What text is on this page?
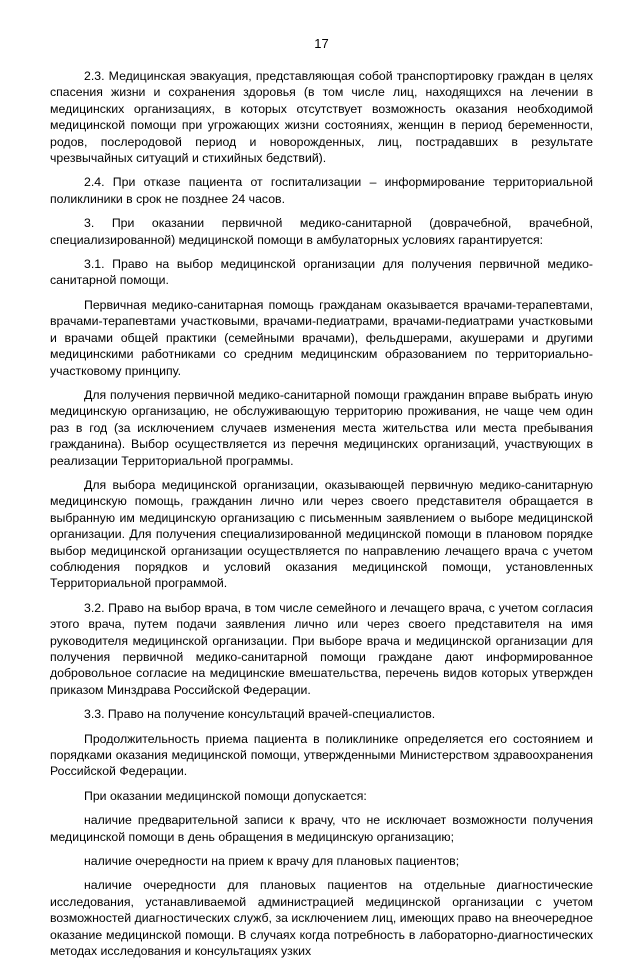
17

2.3. Медицинская эвакуация, представляющая собой транспортировку граждан в целях спасения жизни и сохранения здоровья (в том числе лиц, находящихся на лечении в медицинских организациях, в которых отсутствует возможность оказания необходимой медицинской помощи при угрожающих жизни состояниях, женщин в период беременности, родов, послеродовой период и новорожденных, лиц, пострадавших в результате чрезвычайных ситуаций и стихийных бедствий).

2.4. При отказе пациента от госпитализации – информирование территориальной поликлиники в срок не позднее 24 часов.

3. При оказании первичной медико-санитарной (доврачебной, врачебной, специализированной) медицинской помощи в амбулаторных условиях гарантируется:

3.1. Право на выбор медицинской организации для получения первичной медико-санитарной помощи.

Первичная медико-санитарная помощь гражданам оказывается врачами-терапевтами, врачами-терапевтами участковыми, врачами-педиатрами, врачами-педиатрами участковыми и врачами общей практики (семейными врачами), фельдшерами, акушерами и другими медицинскими работниками со средним медицинским образованием по территориально-участковому принципу.

Для получения первичной медико-санитарной помощи гражданин вправе выбрать иную медицинскую организацию, не обслуживающую территорию проживания, не чаще чем один раз в год (за исключением случаев изменения места жительства или места пребывания гражданина). Выбор осуществляется из перечня медицинских организаций, участвующих в реализации Территориальной программы.

Для выбора медицинской организации, оказывающей первичную медико-санитарную медицинскую помощь, гражданин лично или через своего представителя обращается в выбранную им медицинскую организацию с письменным заявлением о выборе медицинской организации. Для получения специализированной медицинской помощи в плановом порядке выбор медицинской организации осуществляется по направлению лечащего врача с учетом соблюдения порядков и условий оказания медицинской помощи, установленных Территориальной программой.

3.2. Право на выбор врача, в том числе семейного и лечащего врача, с учетом согласия этого врача, путем подачи заявления лично или через своего представителя на имя руководителя медицинской организации. При выборе врача и медицинской организации для получения первичной медико-санитарной помощи граждане дают информированное добровольное согласие на медицинские вмешательства, перечень видов которых утвержден приказом Минздрава Российской Федерации.

3.3. Право на получение консультаций врачей-специалистов.

Продолжительность приема пациента в поликлинике определяется его состоянием и порядками оказания медицинской помощи, утвержденными Министерством здравоохранения Российской Федерации.

При оказании медицинской помощи допускается:

наличие предварительной записи к врачу, что не исключает возможности получения медицинской помощи в день обращения в медицинскую организацию;

наличие очередности на прием к врачу для плановых пациентов;

наличие очередности для плановых пациентов на отдельные диагностические исследования, устанавливаемой администрацией медицинской организации с учетом возможностей диагностических служб, за исключением лиц, имеющих право на внеочередное оказание медицинской помощи. В случаях когда потребность в лабораторно-диагностических методах исследования и консультациях узких
